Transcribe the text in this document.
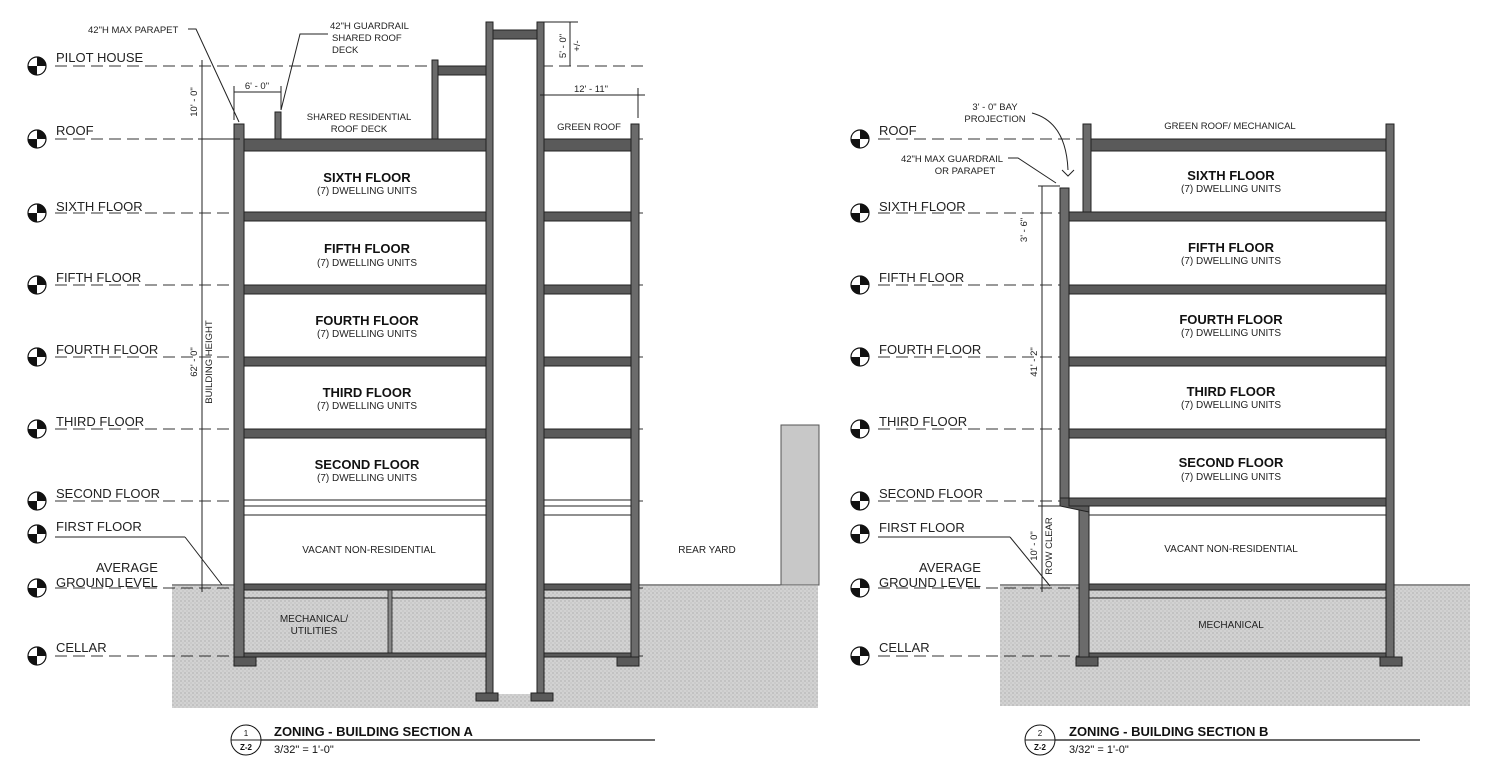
PILOT HOUSE
ROOF
SIXTH FLOOR
FIFTH FLOOR
FOURTH FLOOR
THIRD FLOOR
SECOND FLOOR
FIRST FLOOR
AVERAGE
GROUND LEVEL
CELLAR
SIXTH FLOOR
(7) DWELLING UNITS
FIFTH FLOOR
(7) DWELLING UNITS
FOURTH FLOOR
(7) DWELLING UNITS
THIRD FLOOR
(7) DWELLING UNITS
SECOND FLOOR
(7) DWELLING UNITS
VACANT NON-RESIDENTIAL
MECHANICAL/
UTILITIES
REAR YARD
SHARED RESIDENTIAL
ROOF DECK	GREEN ROOF
42"H MAX PARAPET	42"H GUARDRAIL
SHARED ROOF
DECK
6' - 0"
10' - 0"
62' - 0" BUILDING HEIGHT
5' - 0" +/-
12' - 11"
1
Z-2
ZONING - BUILDING SECTION A
3/32" = 1'-0"
ROOF
SIXTH FLOOR
FIFTH FLOOR
FOURTH FLOOR
THIRD FLOOR
SECOND FLOOR
FIRST FLOOR
AVERAGE
GROUND LEVEL
CELLAR
GREEN ROOF/ MECHANICAL
SIXTH FLOOR
(7) DWELLING UNITS
FIFTH FLOOR
(7) DWELLING UNITS
FOURTH FLOOR
(7) DWELLING UNITS
THIRD FLOOR
(7) DWELLING UNITS
SECOND FLOOR
(7) DWELLING UNITS
VACANT NON-RESIDENTIAL
MECHANICAL
3' - 0" BAY
PROJECTION
42"H MAX GUARDRAIL
OR PARAPET
3' - 6"
41' - 2"
10' - 0" ROW CLEAR
2
Z-2
ZONING - BUILDING SECTION B
3/32" = 1'-0"
